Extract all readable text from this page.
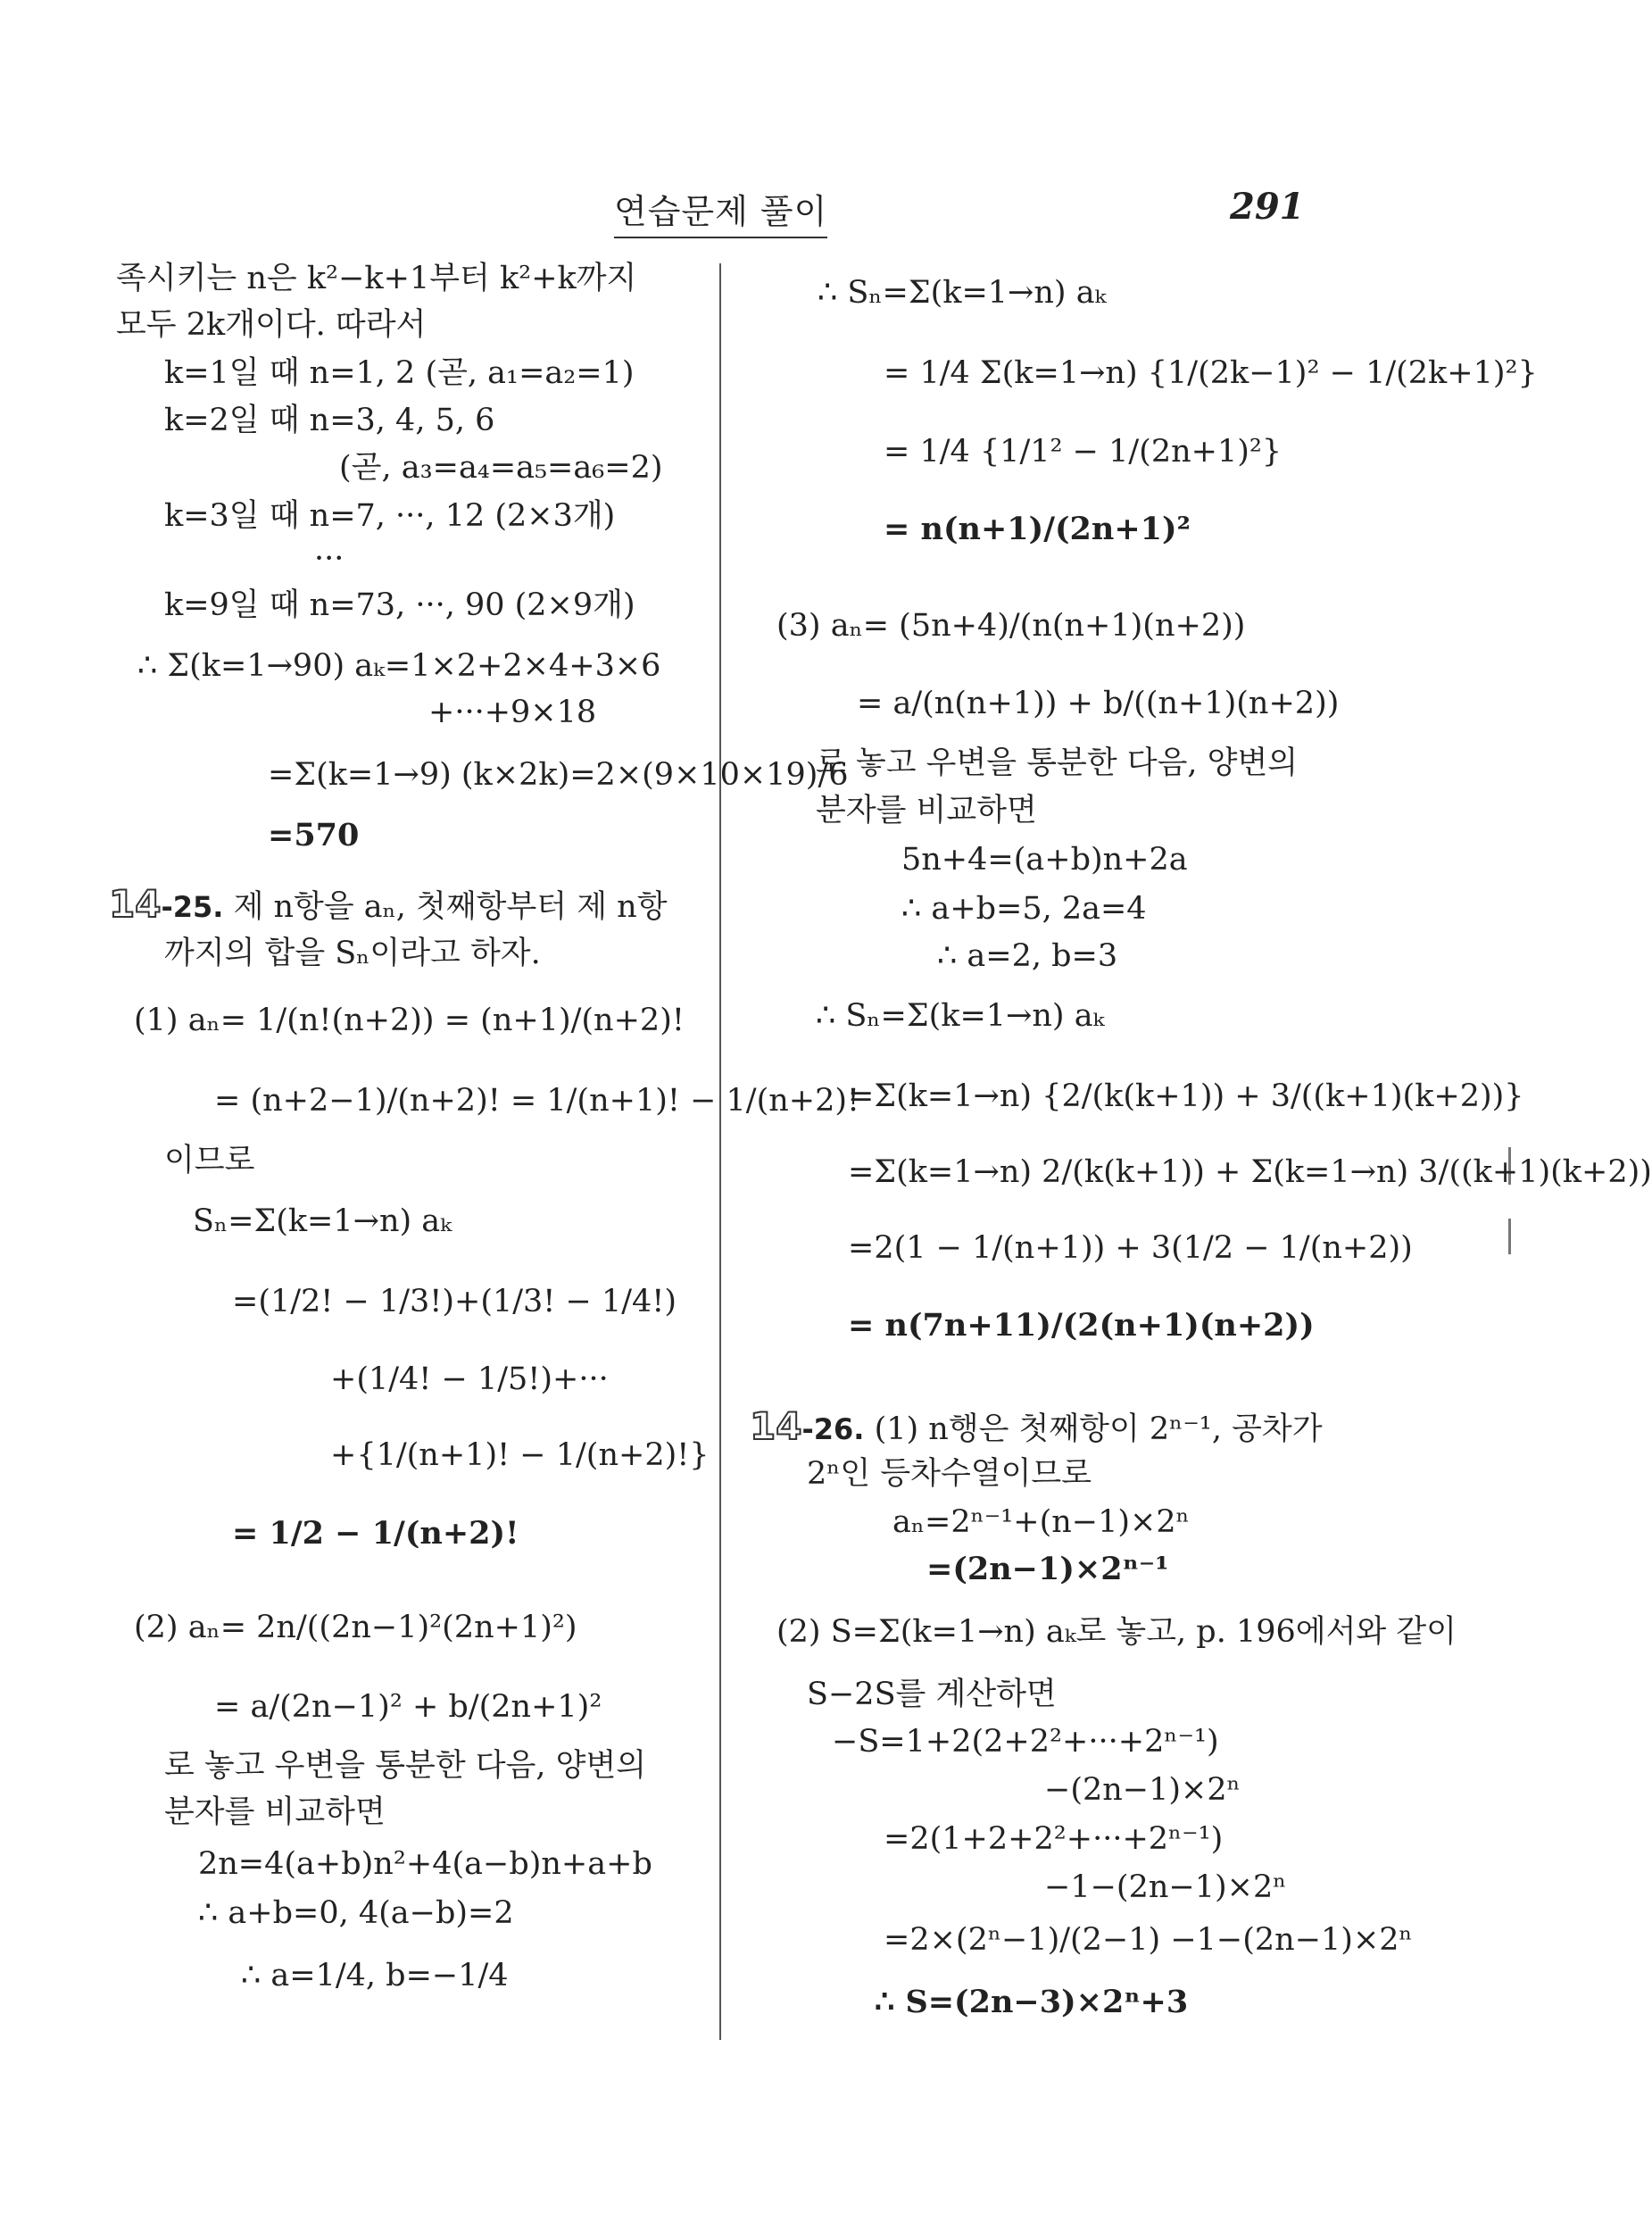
연습문제 풀이	291
족시키는 n은 k²−k+1부터 k²+k까지
모두 2k개이다. 따라서
k=1일 때 n=1, 2 (곧, a₁=a₂=1)
k=2일 때 n=3, 4, 5, 6
(곧, a₃=a₄=a₅=a₆=2)
k=3일 때 n=7, ···, 12 (2×3개)
···
k=9일 때 n=73, ···, 90 (2×9개)
∴ Σ(k=1→90) aₖ=1×2+2×4+3×6
+···+9×18
=Σ(k=1→9) (k×2k)=2×(9×10×19)/6
=570
14-25. 제 n항을 aₙ, 첫째항부터 제 n항
까지의 합을 Sₙ이라고 하자.
(1) aₙ= 1/(n!(n+2)) = (n+1)/(n+2)!
= (n+2−1)/(n+2)! = 1/(n+1)! − 1/(n+2)!
이므로
Sₙ=Σ(k=1→n) aₖ
=(1/2! − 1/3!)+(1/3! − 1/4!)
+(1/4! − 1/5!)+···
+{1/(n+1)! − 1/(n+2)!}
= 1/2 − 1/(n+2)!
(2) aₙ= 2n/((2n−1)²(2n+1)²)
= a/(2n−1)² + b/(2n+1)²
로 놓고 우변을 통분한 다음, 양변의
분자를 비교하면
2n=4(a+b)n²+4(a−b)n+a+b
∴ a+b=0, 4(a−b)=2
∴ a=1/4, b=−1/4
∴ Sₙ=Σ(k=1→n) aₖ
= 1/4 Σ(k=1→n) {1/(2k−1)² − 1/(2k+1)²}
= 1/4 {1/1² − 1/(2n+1)²}
= n(n+1)/(2n+1)²
(3) aₙ= (5n+4)/(n(n+1)(n+2))
= a/(n(n+1)) + b/((n+1)(n+2))
로 놓고 우변을 통분한 다음, 양변의
분자를 비교하면
5n+4=(a+b)n+2a
∴ a+b=5, 2a=4
∴ a=2, b=3
∴ Sₙ=Σ(k=1→n) aₖ
=Σ(k=1→n) {2/(k(k+1)) + 3/((k+1)(k+2))}
=Σ(k=1→n) 2/(k(k+1)) + Σ(k=1→n) 3/((k+1)(k+2))
=2(1 − 1/(n+1)) + 3(1/2 − 1/(n+2))
= n(7n+11)/(2(n+1)(n+2))
14-26. (1) n행은 첫째항이 2ⁿ⁻¹, 공차가
2ⁿ인 등차수열이므로
aₙ=2ⁿ⁻¹+(n−1)×2ⁿ
=(2n−1)×2ⁿ⁻¹
(2) S=Σ(k=1→n) aₖ로 놓고, p. 196에서와 같이
S−2S를 계산하면
−S=1+2(2+2²+···+2ⁿ⁻¹)
−(2n−1)×2ⁿ
=2(1+2+2²+···+2ⁿ⁻¹)
−1−(2n−1)×2ⁿ
=2×(2ⁿ−1)/(2−1) −1−(2n−1)×2ⁿ
∴ S=(2n−3)×2ⁿ+3
